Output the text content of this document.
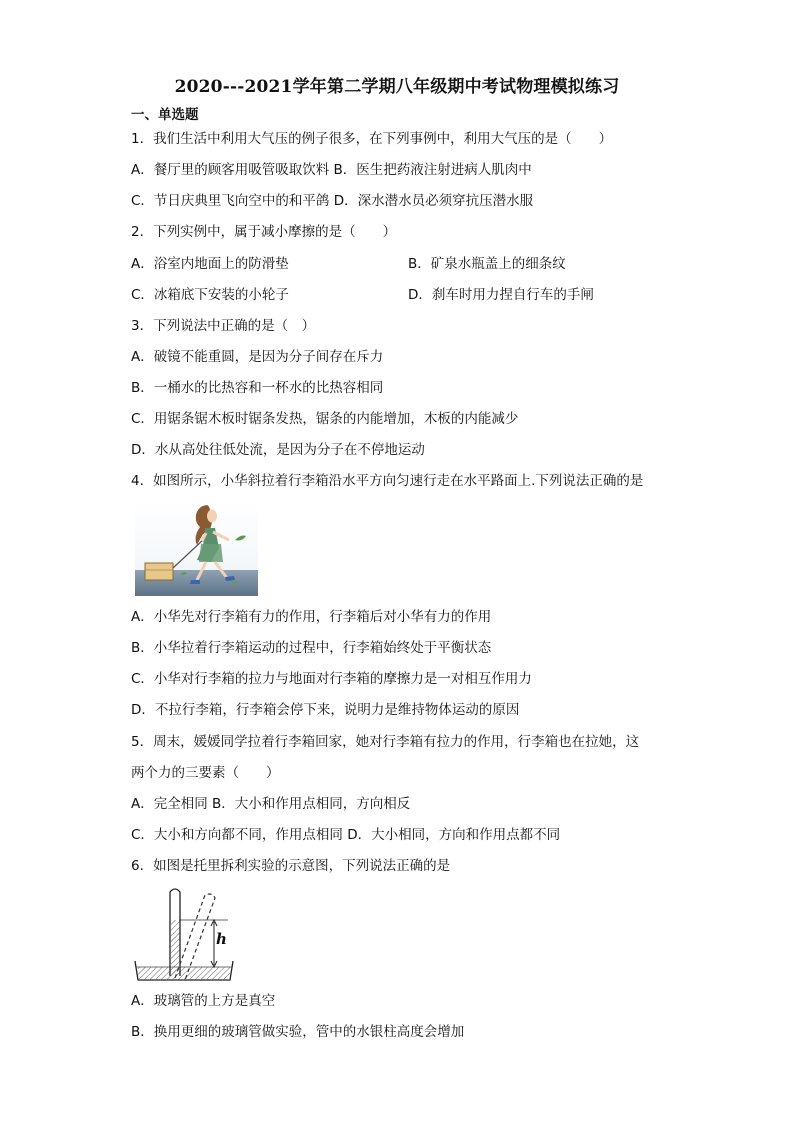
2020---2021学年第二学期八年级期中考试物理模拟练习
一、单选题
1．我们生活中利用大气压的例子很多，在下列事例中，利用大气压的是（　　）
A．餐厅里的顾客用吸管吸取饮料 B．医生把药液注射进病人肌肉中
C．节日庆典里飞向空中的和平鸽 D．深水潜水员必须穿抗压潜水服
2．下列实例中，属于减小摩擦的是（　　）
A．浴室内地面上的防滑垫	B．矿泉水瓶盖上的细条纹
C．冰箱底下安装的小轮子	D．刹车时用力捏自行车的手闸
3．下列说法中正确的是（　）
A．破镜不能重圆，是因为分子间存在斥力
B．一桶水的比热容和一杯水的比热容相同
C．用锯条锯木板时锯条发热，锯条的内能增加，木板的内能减少
D．水从高处往低处流，是因为分子在不停地运动
4．如图所示，小华斜拉着行李箱沿水平方向匀速行走在水平路面上.下列说法正确的是
A．小华先对行李箱有力的作用，行李箱后对小华有力的作用
B．小华拉着行李箱运动的过程中，行李箱始终处于平衡状态
C．小华对行李箱的拉力与地面对行李箱的摩擦力是一对相互作用力
D．不拉行李箱，行李箱会停下来，说明力是维持物体运动的原因
5．周末，媛媛同学拉着行李箱回家，她对行李箱有拉力的作用，行李箱也在拉她，这
两个力的三要素（　　）
A．完全相同 B．大小和作用点相同，方向相反
C．大小和方向都不同，作用点相同 D．大小相同，方向和作用点都不同
6．如图是托里拆利实验的示意图，下列说法正确的是
h
A．玻璃管的上方是真空
B．换用更细的玻璃管做实验，管中的水银柱高度会增加
